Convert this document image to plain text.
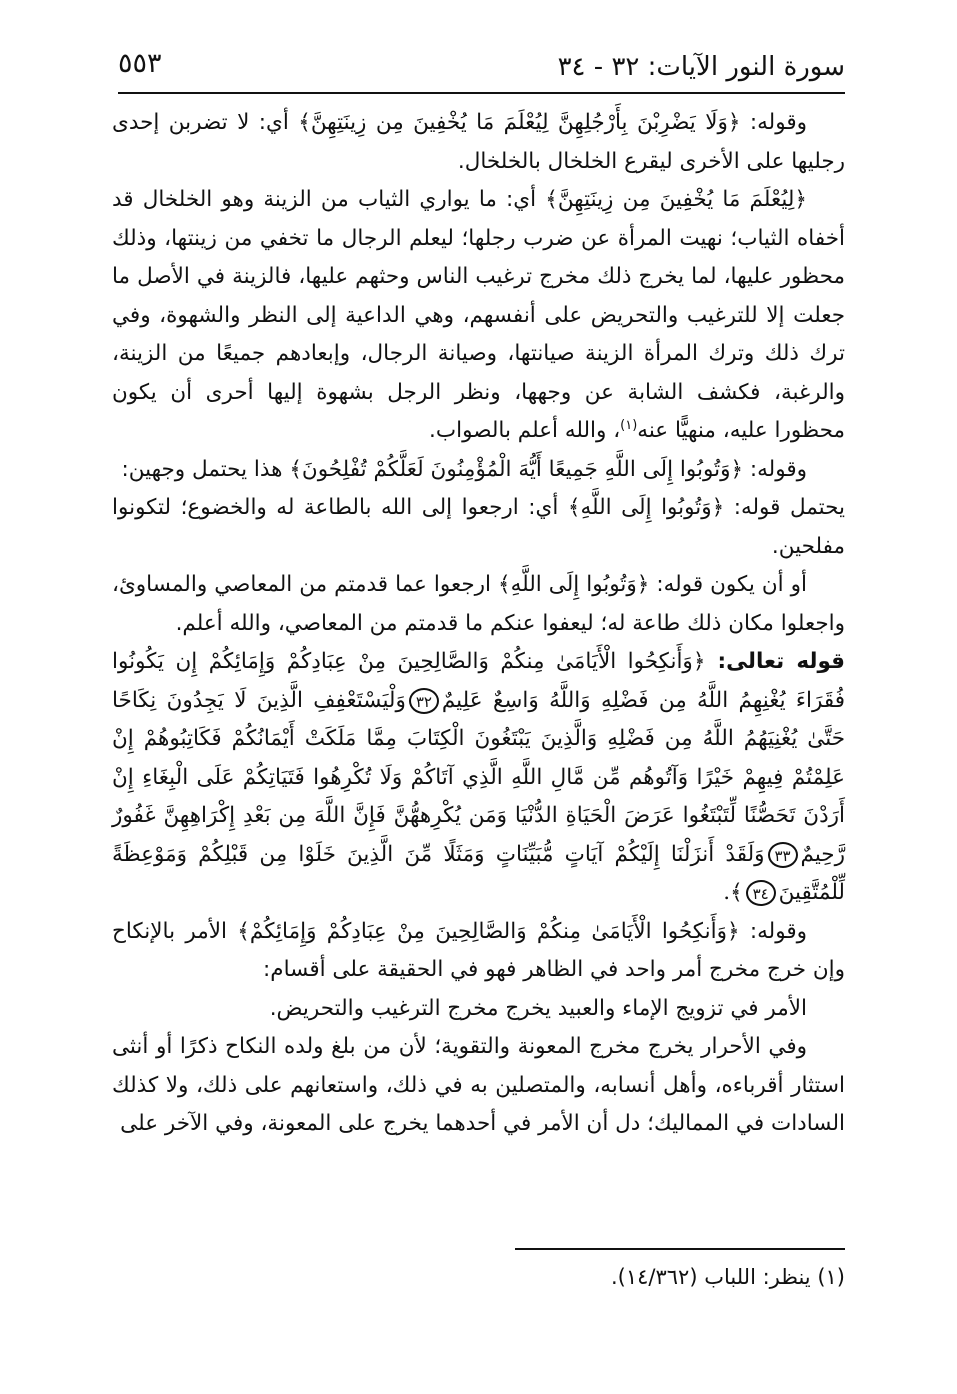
سورة النور الآيات: ٣٢ - ٣٤
٥٥٣

وقوله: ﴿وَلَا يَضْرِبْنَ بِأَرْجُلِهِنَّ لِيُعْلَمَ مَا يُخْفِينَ مِن زِينَتِهِنَّ﴾ أي: لا تضربن إحدى رجليها على الأخرى ليقرع الخلخال بالخلخال.

﴿لِيُعْلَمَ مَا يُخْفِينَ مِن زِينَتِهِنَّ﴾ أي: ما يواري الثياب من الزينة وهو الخلخال قد أخفاه الثياب؛ نهيت المرأة عن ضرب رجلها؛ ليعلم الرجال ما تخفي من زينتها، وذلك محظور عليها، لما يخرج ذلك مخرج ترغيب الناس وحثهم عليها، فالزينة في الأصل ما جعلت إلا للترغيب والتحريض على أنفسهم، وهي الداعية إلى النظر والشهوة، وفي ترك ذلك وترك المرأة الزينة صيانتها، وصيانة الرجال، وإبعادهم جميعًا من الزينة، والرغبة، فكشف الشابة عن وجهها، ونظر الرجل بشهوة إليها أحرى أن يكون محظورا عليه، منهيًّا عنه$^{(١)}$، والله أعلم بالصواب.

وقوله: ﴿وَتُوبُوا إِلَى اللَّهِ جَمِيعًا أَيُّهَ الْمُؤْمِنُونَ لَعَلَّكُمْ تُفْلِحُونَ﴾ هذا يحتمل وجهين:

يحتمل قوله: ﴿وَتُوبُوا إِلَى اللَّهِ﴾ أي: ارجعوا إلى الله بالطاعة له والخضوع؛ لتكونوا مفلحين.

أو أن يكون قوله: ﴿وَتُوبُوا إِلَى اللَّهِ﴾ ارجعوا عما قدمتم من المعاصي والمساوئ، واجعلوا مكان ذلك طاعة له؛ ليعفوا عنكم ما قدمتم من المعاصي، والله أعلم.

قوله تعالى: ﴿وَأَنكِحُوا الْأَيَامَىٰ مِنكُمْ وَالصَّالِحِينَ مِنْ عِبَادِكُمْ وَإِمَائِكُمْ إِن يَكُونُوا فُقَرَاءَ يُغْنِهِمُ اللَّهُ مِن فَضْلِهِ وَاللَّهُ وَاسِعٌ عَلِيمٌ٣٢وَلْيَسْتَعْفِفِ الَّذِينَ لَا يَجِدُونَ نِكَاحًا حَتَّىٰ يُغْنِيَهُمُ اللَّهُ مِن فَضْلِهِ وَالَّذِينَ يَبْتَغُونَ الْكِتَابَ مِمَّا مَلَكَتْ أَيْمَانُكُمْ فَكَاتِبُوهُمْ إِنْ عَلِمْتُمْ فِيهِمْ خَيْرًا وَآتُوهُم مِّن مَّالِ اللَّهِ الَّذِي آتَاكُمْ وَلَا تُكْرِهُوا فَتَيَاتِكُمْ عَلَى الْبِغَاءِ إِنْ أَرَدْنَ تَحَصُّنًا لِّتَبْتَغُوا عَرَضَ الْحَيَاةِ الدُّنْيَا وَمَن يُكْرِههُّنَّ فَإِنَّ اللَّهَ مِن بَعْدِ إِكْرَاهِهِنَّ غَفُورٌ رَّحِيمٌ٣٣وَلَقَدْ أَنزَلْنَا إِلَيْكُمْ آيَاتٍ مُّبَيِّنَاتٍ وَمَثَلًا مِّنَ الَّذِينَ خَلَوْا مِن قَبْلِكُمْ وَمَوْعِظَةً لِّلْمُتَّقِينَ٣٤﴾.

وقوله: ﴿وَأَنكِحُوا الْأَيَامَىٰ مِنكُمْ وَالصَّالِحِينَ مِنْ عِبَادِكُمْ وَإِمَائِكُمْ﴾ الأمر بالإنكاح وإن خرج مخرج أمر واحد في الظاهر فهو في الحقيقة على أقسام:

الأمر في تزويج الإماء والعبيد يخرج مخرج الترغيب والتحريض.

وفي الأحرار يخرج مخرج المعونة والتقوية؛ لأن من بلغ ولده النكاح ذكرًا أو أنثى استثار أقرباءه، وأهل أنسابه، والمتصلين به في ذلك، واستعانهم على ذلك، ولا كذلك السادات في المماليك؛ دل أن الأمر في أحدهما يخرج على المعونة، وفي الآخر على

(١) ينظر: اللباب (١٤/٣٦٢).
